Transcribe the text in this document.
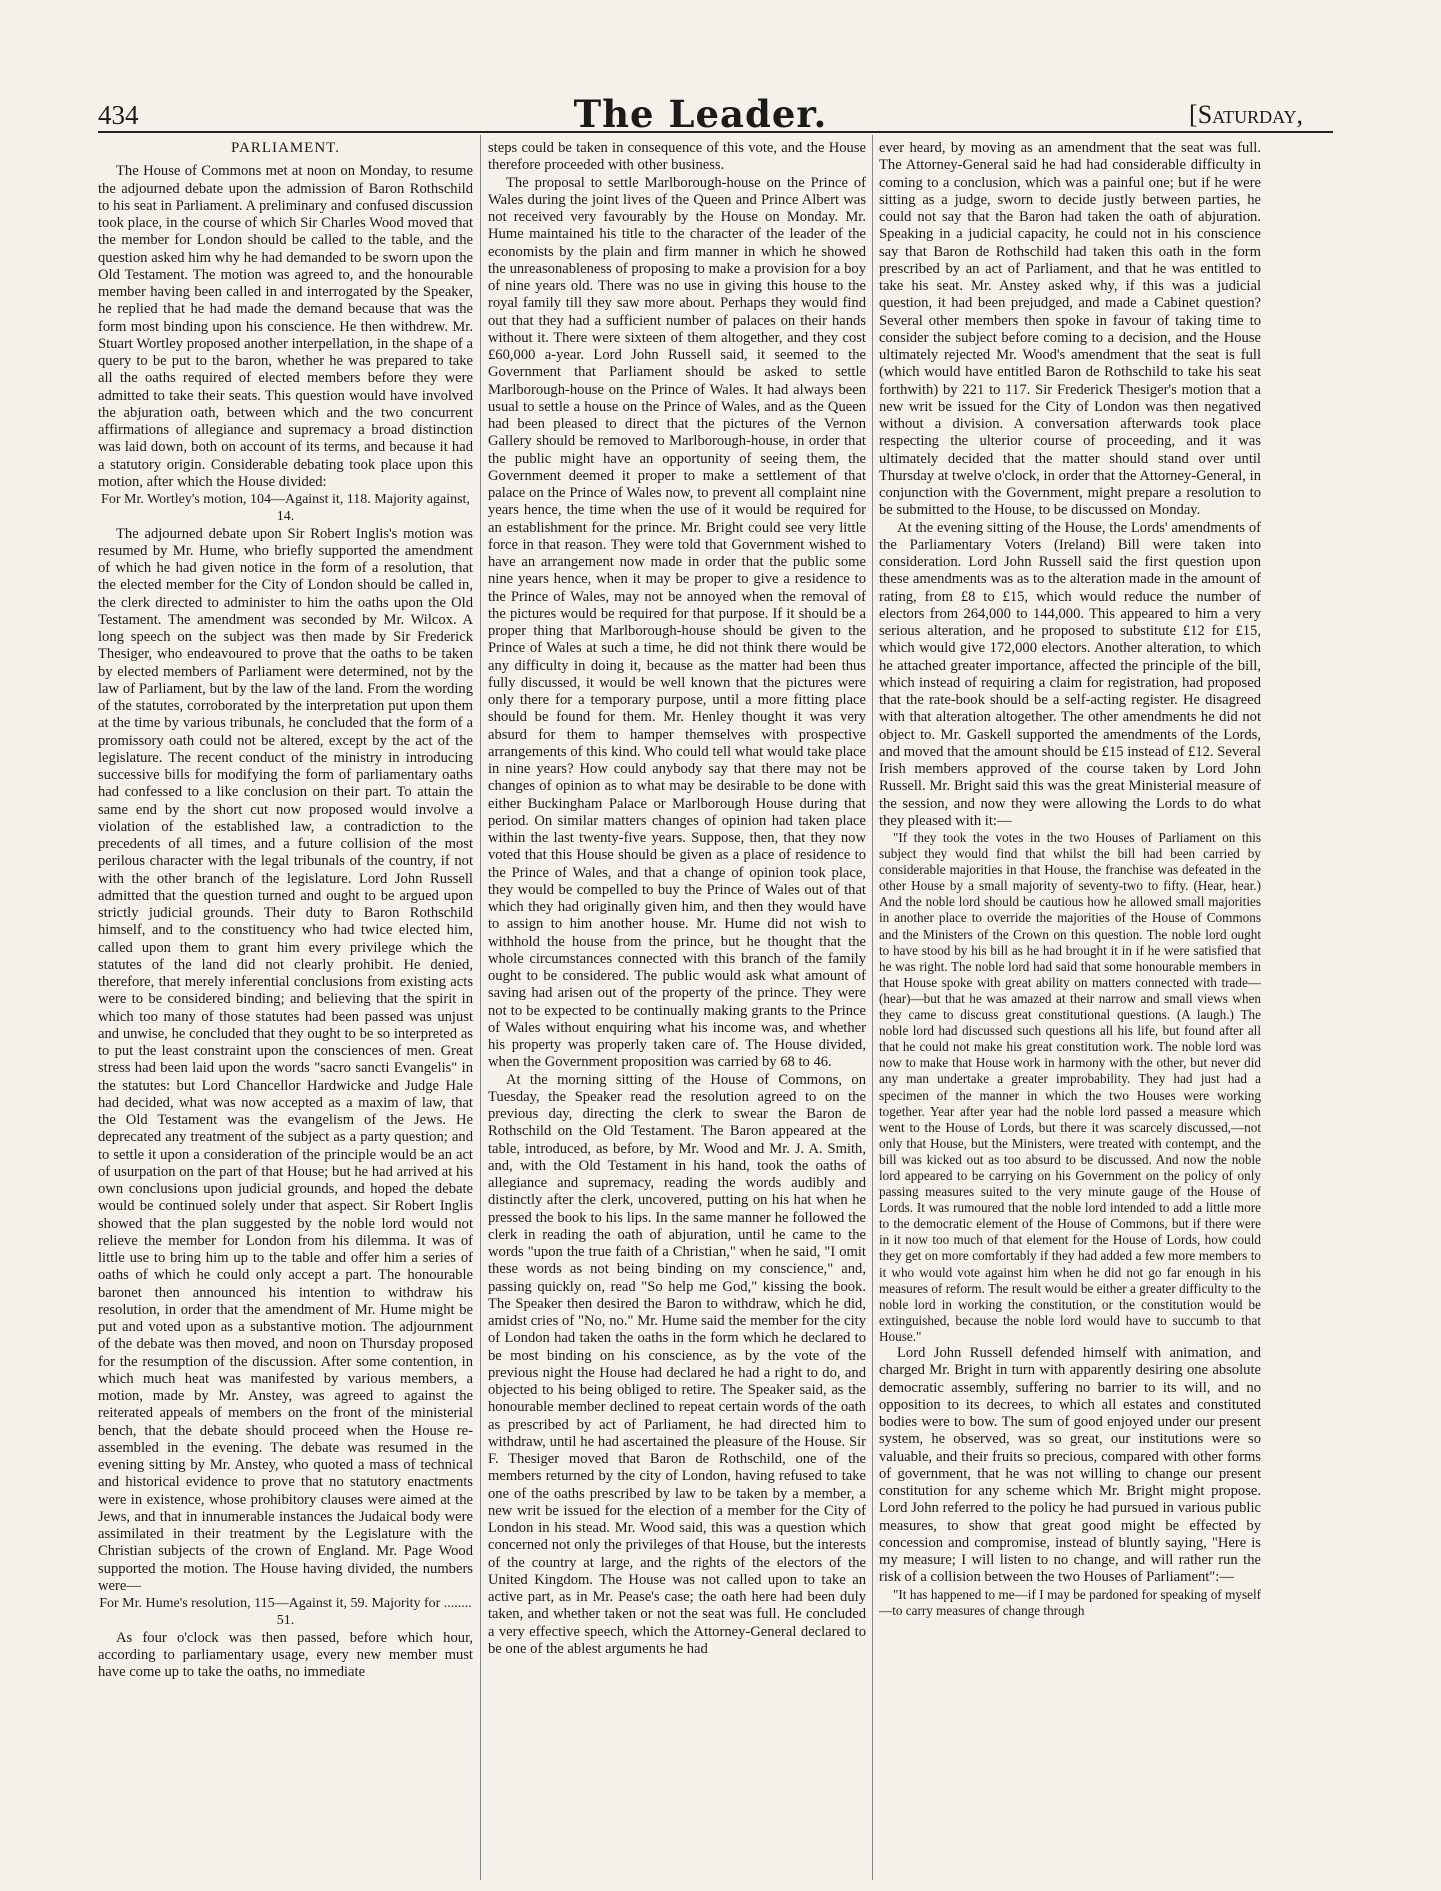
434	The Leader.	[Saturday,

PARLIAMENT.

The House of Commons met at noon on Monday, to resume the adjourned debate upon the admission of Baron Rothschild to his seat in Parliament. A preliminary and confused discussion took place, in the course of which Sir Charles Wood moved that the member for London should be called to the table, and the question asked him why he had demanded to be sworn upon the Old Testament. The motion was agreed to, and the honourable member having been called in and interrogated by the Speaker, he replied that he had made the demand because that was the form most binding upon his conscience. He then withdrew. Mr. Stuart Wortley proposed another interpellation, in the shape of a query to be put to the baron, whether he was prepared to take all the oaths required of elected members before they were admitted to take their seats. This question would have involved the abjuration oath, between which and the two concurrent affirmations of allegiance and supremacy a broad distinction was laid down, both on account of its terms, and because it had a statutory origin. Considerable debating took place upon this motion, after which the House divided:

For Mr. Wortley's motion, 104—Against it, 118. Majority against, 14.

The adjourned debate upon Sir Robert Inglis's motion was resumed by Mr. Hume, who briefly supported the amendment of which he had given notice in the form of a resolution, that the elected member for the City of London should be called in, the clerk directed to administer to him the oaths upon the Old Testament. The amendment was seconded by Mr. Wilcox. A long speech on the subject was then made by Sir Frederick Thesiger, who endeavoured to prove that the oaths to be taken by elected members of Parliament were determined, not by the law of Parliament, but by the law of the land. From the wording of the statutes, corroborated by the interpretation put upon them at the time by various tribunals, he concluded that the form of a promissory oath could not be altered, except by the act of the legislature. The recent conduct of the ministry in introducing successive bills for modifying the form of parliamentary oaths had confessed to a like conclusion on their part. To attain the same end by the short cut now proposed would involve a violation of the established law, a contradiction to the precedents of all times, and a future collision of the most perilous character with the legal tribunals of the country, if not with the other branch of the legislature. Lord John Russell admitted that the question turned and ought to be argued upon strictly judicial grounds. Their duty to Baron Rothschild himself, and to the constituency who had twice elected him, called upon them to grant him every privilege which the statutes of the land did not clearly prohibit. He denied, therefore, that merely inferential conclusions from existing acts were to be considered binding; and believing that the spirit in which too many of those statutes had been passed was unjust and unwise, he concluded that they ought to be so interpreted as to put the least constraint upon the consciences of men. Great stress had been laid upon the words "sacro sancti Evangelis" in the statutes: but Lord Chancellor Hardwicke and Judge Hale had decided, what was now accepted as a maxim of law, that the Old Testament was the evangelism of the Jews. He deprecated any treatment of the subject as a party question; and to settle it upon a consideration of the principle would be an act of usurpation on the part of that House; but he had arrived at his own conclusions upon judicial grounds, and hoped the debate would be continued solely under that aspect. Sir Robert Inglis showed that the plan suggested by the noble lord would not relieve the member for London from his dilemma. It was of little use to bring him up to the table and offer him a series of oaths of which he could only accept a part. The honourable baronet then announced his intention to withdraw his resolution, in order that the amendment of Mr. Hume might be put and voted upon as a substantive motion. The adjournment of the debate was then moved, and noon on Thursday proposed for the resumption of the discussion. After some contention, in which much heat was manifested by various members, a motion, made by Mr. Anstey, was agreed to against the reiterated appeals of members on the front of the ministerial bench, that the debate should proceed when the House re-assembled in the evening. The debate was resumed in the evening sitting by Mr. Anstey, who quoted a mass of technical and historical evidence to prove that no statutory enactments were in existence, whose prohibitory clauses were aimed at the Jews, and that in innumerable instances the Judaical body were assimilated in their treatment by the Legislature with the Christian subjects of the crown of England. Mr. Page Wood supported the motion. The House having divided, the numbers were—

For Mr. Hume's resolution, 115—Against it, 59. Majority for ........ 51.

As four o'clock was then passed, before which hour, according to parliamentary usage, every new member must have come up to take the oaths, no immediate

steps could be taken in consequence of this vote, and the House therefore proceeded with other business.

The proposal to settle Marlborough-house on the Prince of Wales during the joint lives of the Queen and Prince Albert was not received very favourably by the House on Monday. Mr. Hume maintained his title to the character of the leader of the economists by the plain and firm manner in which he showed the unreasonableness of proposing to make a provision for a boy of nine years old. There was no use in giving this house to the royal family till they saw more about. Perhaps they would find out that they had a sufficient number of palaces on their hands without it. There were sixteen of them altogether, and they cost £60,000 a-year. Lord John Russell said, it seemed to the Government that Parliament should be asked to settle Marlborough-house on the Prince of Wales. It had always been usual to settle a house on the Prince of Wales, and as the Queen had been pleased to direct that the pictures of the Vernon Gallery should be removed to Marlborough-house, in order that the public might have an opportunity of seeing them, the Government deemed it proper to make a settlement of that palace on the Prince of Wales now, to prevent all complaint nine years hence, the time when the use of it would be required for an establishment for the prince. Mr. Bright could see very little force in that reason. They were told that Government wished to have an arrangement now made in order that the public some nine years hence, when it may be proper to give a residence to the Prince of Wales, may not be annoyed when the removal of the pictures would be required for that purpose. If it should be a proper thing that Marlborough-house should be given to the Prince of Wales at such a time, he did not think there would be any difficulty in doing it, because as the matter had been thus fully discussed, it would be well known that the pictures were only there for a temporary purpose, until a more fitting place should be found for them. Mr. Henley thought it was very absurd for them to hamper themselves with prospective arrangements of this kind. Who could tell what would take place in nine years? How could anybody say that there may not be changes of opinion as to what may be desirable to be done with either Buckingham Palace or Marlborough House during that period. On similar matters changes of opinion had taken place within the last twenty-five years. Suppose, then, that they now voted that this House should be given as a place of residence to the Prince of Wales, and that a change of opinion took place, they would be compelled to buy the Prince of Wales out of that which they had originally given him, and then they would have to assign to him another house. Mr. Hume did not wish to withhold the house from the prince, but he thought that the whole circumstances connected with this branch of the family ought to be considered. The public would ask what amount of saving had arisen out of the property of the prince. They were not to be expected to be continually making grants to the Prince of Wales without enquiring what his income was, and whether his property was properly taken care of. The House divided, when the Government proposition was carried by 68 to 46.

At the morning sitting of the House of Commons, on Tuesday, the Speaker read the resolution agreed to on the previous day, directing the clerk to swear the Baron de Rothschild on the Old Testament. The Baron appeared at the table, introduced, as before, by Mr. Wood and Mr. J. A. Smith, and, with the Old Testament in his hand, took the oaths of allegiance and supremacy, reading the words audibly and distinctly after the clerk, uncovered, putting on his hat when he pressed the book to his lips. In the same manner he followed the clerk in reading the oath of abjuration, until he came to the words "upon the true faith of a Christian," when he said, "I omit these words as not being binding on my conscience," and, passing quickly on, read "So help me God," kissing the book. The Speaker then desired the Baron to withdraw, which he did, amidst cries of "No, no." Mr. Hume said the member for the city of London had taken the oaths in the form which he declared to be most binding on his conscience, as by the vote of the previous night the House had declared he had a right to do, and objected to his being obliged to retire. The Speaker said, as the honourable member declined to repeat certain words of the oath as prescribed by act of Parliament, he had directed him to withdraw, until he had ascertained the pleasure of the House. Sir F. Thesiger moved that Baron de Rothschild, one of the members returned by the city of London, having refused to take one of the oaths prescribed by law to be taken by a member, a new writ be issued for the election of a member for the City of London in his stead. Mr. Wood said, this was a question which concerned not only the privileges of that House, but the interests of the country at large, and the rights of the electors of the United Kingdom. The House was not called upon to take an active part, as in Mr. Pease's case; the oath here had been duly taken, and whether taken or not the seat was full. He concluded a very effective speech, which the Attorney-General declared to be one of the ablest arguments he had

ever heard, by moving as an amendment that the seat was full. The Attorney-General said he had had considerable difficulty in coming to a conclusion, which was a painful one; but if he were sitting as a judge, sworn to decide justly between parties, he could not say that the Baron had taken the oath of abjuration. Speaking in a judicial capacity, he could not in his conscience say that Baron de Rothschild had taken this oath in the form prescribed by an act of Parliament, and that he was entitled to take his seat. Mr. Anstey asked why, if this was a judicial question, it had been prejudged, and made a Cabinet question? Several other members then spoke in favour of taking time to consider the subject before coming to a decision, and the House ultimately rejected Mr. Wood's amendment that the seat is full (which would have entitled Baron de Rothschild to take his seat forthwith) by 221 to 117. Sir Frederick Thesiger's motion that a new writ be issued for the City of London was then negatived without a division. A conversation afterwards took place respecting the ulterior course of proceeding, and it was ultimately decided that the matter should stand over until Thursday at twelve o'clock, in order that the Attorney-General, in conjunction with the Government, might prepare a resolution to be submitted to the House, to be discussed on Monday.

At the evening sitting of the House, the Lords' amendments of the Parliamentary Voters (Ireland) Bill were taken into consideration. Lord John Russell said the first question upon these amendments was as to the alteration made in the amount of rating, from £8 to £15, which would reduce the number of electors from 264,000 to 144,000. This appeared to him a very serious alteration, and he proposed to substitute £12 for £15, which would give 172,000 electors. Another alteration, to which he attached greater importance, affected the principle of the bill, which instead of requiring a claim for registration, had proposed that the rate-book should be a self-acting register. He disagreed with that alteration altogether. The other amendments he did not object to. Mr. Gaskell supported the amendments of the Lords, and moved that the amount should be £15 instead of £12. Several Irish members approved of the course taken by Lord John Russell. Mr. Bright said this was the great Ministerial measure of the session, and now they were allowing the Lords to do what they pleased with it:—

"If they took the votes in the two Houses of Parliament on this subject they would find that whilst the bill had been carried by considerable majorities in that House, the franchise was defeated in the other House by a small majority of seventy-two to fifty. (Hear, hear.) And the noble lord should be cautious how he allowed small majorities in another place to override the majorities of the House of Commons and the Ministers of the Crown on this question. The noble lord ought to have stood by his bill as he had brought it in if he were satisfied that he was right. The noble lord had said that some honourable members in that House spoke with great ability on matters connected with trade—(hear)—but that he was amazed at their narrow and small views when they came to discuss great constitutional questions. (A laugh.) The noble lord had discussed such questions all his life, but found after all that he could not make his great constitution work. The noble lord was now to make that House work in harmony with the other, but never did any man undertake a greater improbability. They had just had a specimen of the manner in which the two Houses were working together. Year after year had the noble lord passed a measure which went to the House of Lords, but there it was scarcely discussed,—not only that House, but the Ministers, were treated with contempt, and the bill was kicked out as too absurd to be discussed. And now the noble lord appeared to be carrying on his Government on the policy of only passing measures suited to the very minute gauge of the House of Lords. It was rumoured that the noble lord intended to add a little more to the democratic element of the House of Commons, but if there were in it now too much of that element for the House of Lords, how could they get on more comfortably if they had added a few more members to it who would vote against him when he did not go far enough in his measures of reform. The result would be either a greater difficulty to the noble lord in working the constitution, or the constitution would be extinguished, because the noble lord would have to succumb to that House."

Lord John Russell defended himself with animation, and charged Mr. Bright in turn with apparently desiring one absolute democratic assembly, suffering no barrier to its will, and no opposition to its decrees, to which all estates and constituted bodies were to bow. The sum of good enjoyed under our present system, he observed, was so great, our institutions were so valuable, and their fruits so precious, compared with other forms of government, that he was not willing to change our present constitution for any scheme which Mr. Bright might propose. Lord John referred to the policy he had pursued in various public measures, to show that great good might be effected by concession and compromise, instead of bluntly saying, "Here is my measure; I will listen to no change, and will rather run the risk of a collision between the two Houses of Parliament":—

"It has happened to me—if I may be pardoned for speaking of myself—to carry measures of change through
